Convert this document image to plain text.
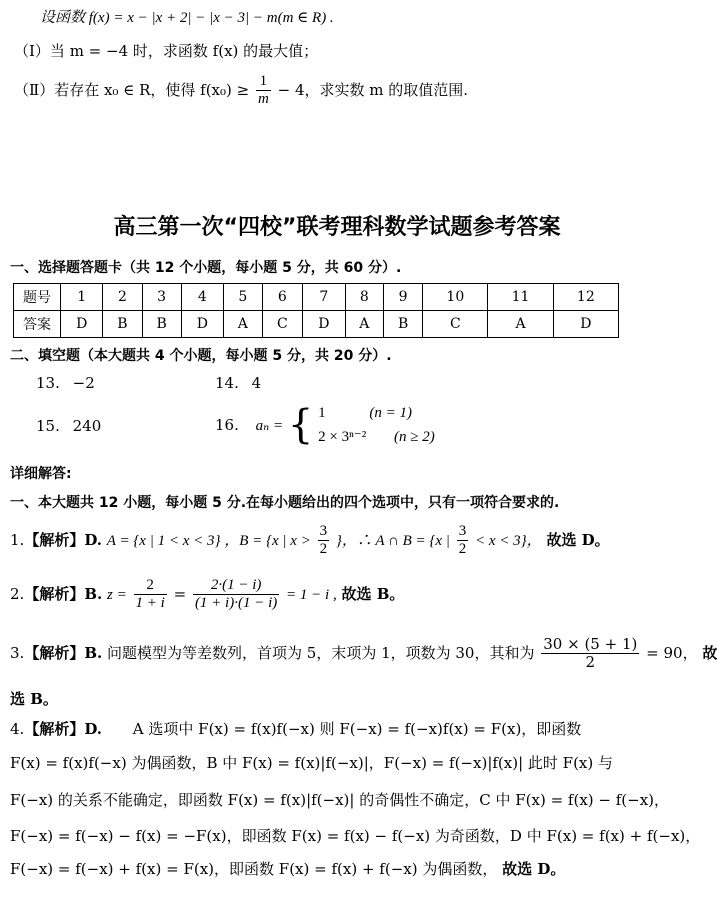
设函数 f(x) = x − |x + 2| − |x − 3| − m(m ∈ R) .
（Ⅰ）当 m = −4 时，求函数 f(x) 的最大值；
（Ⅱ）若存在 x₀ ∈ R，使得 $f(x_0) \ge \frac{1}{m} - 4$，求实数 m 的取值范围.
高三第一次“四校”联考理科数学试题参考答案
一、选择题答题卡（共 12 个小题，每小题 5 分，共 60 分）.
题号	1	2	3	4	5	6	7	8	9	10	11	12
答案	D	B	B	D	A	C	D	A	B	C	A	D
二、填空题（本大题共 4 个小题，每小题 5 分，共 20 分）.
13. −2	14. 4
15. 240	16. aₙ = { 1	(n = 1)
2 × 3ⁿ⁻² (n ≥ 2)
详细解答:
一、本大题共 12 小题，每小题 5 分.在每小题给出的四个选项中，只有一项符合要求的.
1.【解析】D. A = {x | 1 < x < 3} ，B = {x | $x > \frac{3}{2}$ }，∴ A ∩ B = {x | $\frac{3}{2} < x < 3$}， 故选 D。
2.【解析】B. $z = \frac{2}{1 + i} = \frac{2\cdot(1 - i)}{(1 + i)\cdot(1 - i)} = 1 - i$ , 故选 B。
3.【解析】B. 问题模型为等差数列，首项为 5，末项为 1，项数为 30，其和为 $\frac{30 \times (5 + 1)}{2} = 90$， 故
选 B。
4.【解析】D. A 选项中 F(x) = f(x)f(−x) 则 F(−x) = f(−x)f(x) = F(x)，即函数
F(x) = f(x)f(−x) 为偶函数，B 中 F(x) = f(x)|f(−x)|，F(−x) = f(−x)|f(x)| 此时 F(x) 与
F(−x) 的关系不能确定，即函数 F(x) = f(x)|f(−x)| 的奇偶性不确定，C 中 F(x) = f(x) − f(−x)，
F(−x) = f(−x) − f(x) = −F(x)，即函数 F(x) = f(x) − f(−x) 为奇函数，D 中 F(x) = f(x) + f(−x)，
F(−x) = f(−x) + f(x) = F(x)，即函数 F(x) = f(x) + f(−x) 为偶函数， 故选 D。
